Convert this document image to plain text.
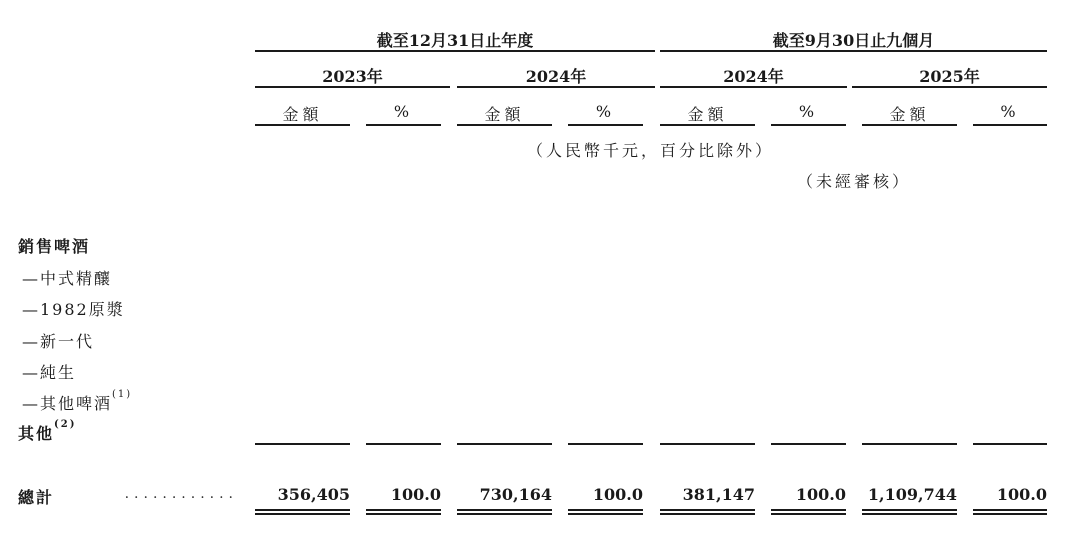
截至12月31日止年度	截至9月30日止九個月
2023年	2024年	2024年	2025年
金額	%	金額	%	金額	%	金額	%
（人民幣千元，百分比除外）
（未經審核）
銷售啤酒
—中式精釀
—1982原漿
—新一代
—純生
—其他啤酒$^{(1)}$
其他$^{(2)}$
總計	............ 356,405	100.0 730,164	100.0 381,147	100.0 1,109,744 100.0
